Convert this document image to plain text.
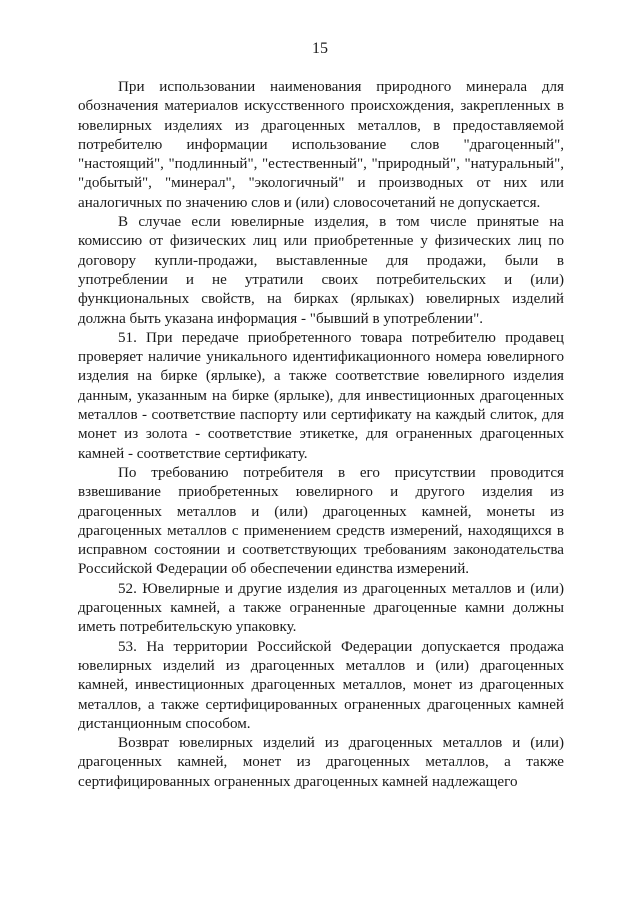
15

При использовании наименования природного минерала для обозначения материалов искусственного происхождения, закрепленных в ювелирных изделиях из драгоценных металлов, в предоставляемой потребителю информации использование слов "драгоценный", "настоящий", "подлинный", "естественный", "природный", "натуральный", "добытый", "минерал", "экологичный" и производных от них или аналогичных по значению слов и (или) словосочетаний не допускается.

В случае если ювелирные изделия, в том числе принятые на комиссию от физических лиц или приобретенные у физических лиц по договору купли-продажи, выставленные для продажи, были в употреблении и не утратили своих потребительских и (или) функциональных свойств, на бирках (ярлыках) ювелирных изделий должна быть указана информация - "бывший в употреблении".

51. При передаче приобретенного товара потребителю продавец проверяет наличие уникального идентификационного номера ювелирного изделия на бирке (ярлыке), а также соответствие ювелирного изделия данным, указанным на бирке (ярлыке), для инвестиционных драгоценных металлов - соответствие паспорту или сертификату на каждый слиток, для монет из золота - соответствие этикетке, для ограненных драгоценных камней - соответствие сертификату.

По требованию потребителя в его присутствии проводится взвешивание приобретенных ювелирного и другого изделия из драгоценных металлов и (или) драгоценных камней, монеты из драгоценных металлов с применением средств измерений, находящихся в исправном состоянии и соответствующих требованиям законодательства Российской Федерации об обеспечении единства измерений.

52. Ювелирные и другие изделия из драгоценных металлов и (или) драгоценных камней, а также ограненные драгоценные камни должны иметь потребительскую упаковку.

53. На территории Российской Федерации допускается продажа ювелирных изделий из драгоценных металлов и (или) драгоценных камней, инвестиционных драгоценных металлов, монет из драгоценных металлов, а также сертифицированных ограненных драгоценных камней дистанционным способом.

Возврат ювелирных изделий из драгоценных металлов и (или) драгоценных камней, монет из драгоценных металлов, а также сертифицированных ограненных драгоценных камней надлежащего
